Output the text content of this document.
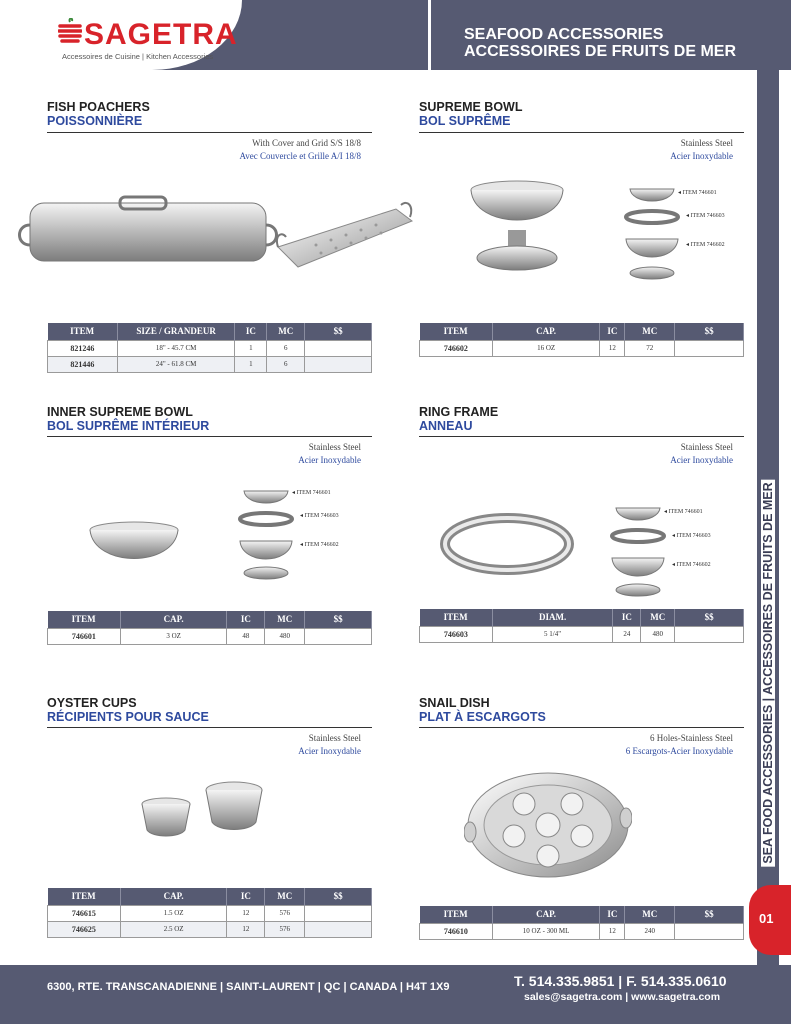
SAGETRA
Accessoires de Cuisine | Kitchen Accessories
SEAFOOD ACCESSORIES
ACCESSOIRES DE FRUITS DE MER
SEA FOOD ACCESSORIES | ACCESSOIRES DE FRUITS DE MER
01
FISH POACHERS
POISSONNIÈRE
With Cover and Grid S/S 18/8
Avec Couvercle et Grille A/I 18/8
ITEM	SIZE / GRANDEUR	IC	MC	$$
821246	18" - 45.7 CM	1	6	
821446	24" - 61.8 CM	1	6	
SUPREME BOWL
BOL SUPRÊME
Stainless Steel
Acier Inoxydable
◂ ITEM 746601
◂ ITEM 746603
◂ ITEM 746602
ITEM	CAP.	IC	MC	$$
746602	16 OZ	12	72	
INNER SUPREME BOWL
BOL SUPRÊME INTÉRIEUR
Stainless Steel
Acier Inoxydable
◂ ITEM 746601
◂ ITEM 746603
◂ ITEM 746602
ITEM	CAP.	IC	MC	$$
746601	3 OZ	48	480	
RING FRAME
ANNEAU
Stainless Steel
Acier Inoxydable
◂ ITEM 746601
◂ ITEM 746603
◂ ITEM 746602
ITEM	DIAM.	IC	MC	$$
746603	5 1/4"	24	480	
OYSTER CUPS
RÉCIPIENTS POUR SAUCE
Stainless Steel
Acier Inoxydable
ITEM	CAP.	IC	MC	$$
746615	1.5 OZ	12	576	
746625	2.5 OZ	12	576	
SNAIL DISH
PLAT À ESCARGOTS
6 Holes-Stainless Steel
6 Escargots-Acier Inoxydable
ITEM	CAP.	IC	MC	$$
746610	10 OZ - 300 ML	12	240	
6300, RTE. TRANSCANADIENNE | SAINT-LAURENT | QC | CANADA | H4T 1X9	T. 514.335.9851 | F. 514.335.0610
sales@sagetra.com | www.sagetra.com
